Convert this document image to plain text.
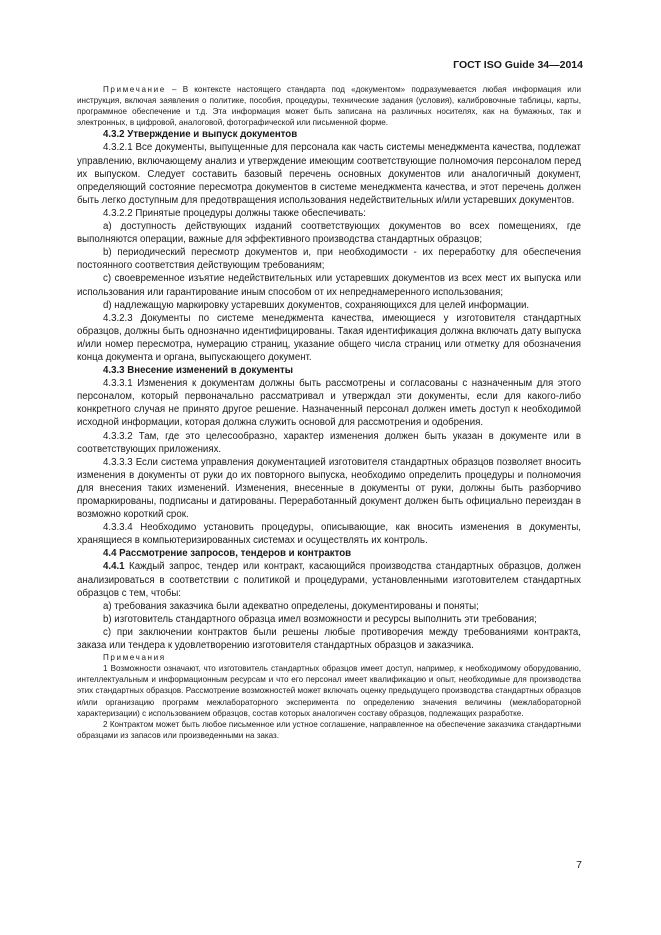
ГОСТ ISO Guide 34—2014

Примечание – В контексте настоящего стандарта под «документом» подразумевается любая информация или инструкция, включая заявления о политике, пособия, процедуры, технические задания (условия), калибровочные таблицы, карты, программное обеспечение и т.д. Эта информация может быть записана на различных носителях, как на бумажных, так и электронных, в цифровой, аналоговой, фотографической или письменной форме.

4.3.2 Утверждение и выпуск документов

4.3.2.1 Все документы, выпущенные для персонала как часть системы менеджмента качества, подлежат управлению, включающему анализ и утверждение имеющим соответствующие полномочия персоналом перед их выпуском. Следует составить базовый перечень основных документов или аналогичный документ, определяющий состояние пересмотра документов в системе менеджмента качества, и этот перечень должен быть легко доступным для предотвращения использования недействительных и/или устаревших документов.

4.3.2.2 Принятые процедуры должны также обеспечивать:

a) доступность действующих изданий соответствующих документов во всех помещениях, где выполняются операции, важные для эффективного производства стандартных образцов;

b) периодический пересмотр документов и, при необходимости - их переработку для обеспечения постоянного соответствия действующим требованиям;

c) своевременное изъятие недействительных или устаревших документов из всех мест их выпуска или использования или гарантирование иным способом от их непреднамеренного использования;

d) надлежащую маркировку устаревших документов, сохраняющихся для целей информации.

4.3.2.3 Документы по системе менеджмента качества, имеющиеся у изготовителя стандартных образцов, должны быть однозначно идентифицированы. Такая идентификация должна включать дату выпуска и/или номер пересмотра, нумерацию страниц, указание общего числа страниц или отметку для обозначения конца документа и органа, выпускающего документ.

4.3.3 Внесение изменений в документы

4.3.3.1 Изменения к документам должны быть рассмотрены и согласованы с назначенным для этого персоналом, который первоначально рассматривал и утверждал эти документы, если для какого-либо конкретного случая не принято другое решение. Назначенный персонал должен иметь доступ к необходимой исходной информации, которая должна служить основой для рассмотрения и одобрения.

4.3.3.2 Там, где это целесообразно, характер изменения должен быть указан в документе или в соответствующих приложениях.

4.3.3.3 Если система управления документацией изготовителя стандартных образцов позволяет вносить изменения в документы от руки до их повторного выпуска, необходимо определить процедуры и полномочия для внесения таких изменений. Изменения, внесенные в документы от руки, должны быть разборчиво промаркированы, подписаны и датированы. Переработанный документ должен быть официально переиздан в возможно короткий срок.

4.3.3.4 Необходимо установить процедуры, описывающие, как вносить изменения в документы, хранящиеся в компьютеризированных системах и осуществлять их контроль.

4.4 Рассмотрение запросов, тендеров и контрактов

4.4.1 Каждый запрос, тендер или контракт, касающийся производства стандартных образцов, должен анализироваться в соответствии с политикой и процедурами, установленными изготовителем стандартных образцов с тем, чтобы:

a) требования заказчика были адекватно определены, документированы и поняты;

b) изготовитель стандартного образца имел возможности и ресурсы выполнить эти требования;

c) при заключении контрактов были решены любые противоречия между требованиями контракта, заказа или тендера к удовлетворению изготовителя стандартных образцов и заказчика.

Примечания

1 Возможности означают, что изготовитель стандартных образцов имеет доступ, например, к необходимому оборудованию, интеллектуальным и информационным ресурсам и что его персонал имеет квалификацию и опыт, необходимые для производства этих стандартных образцов. Рассмотрение возможностей может включать оценку предыдущего производства стандартных образцов и/или организацию программ межлабораторного эксперимента по определению значения величины (межлабораторной характеризации) с использованием образцов, состав которых аналогичен составу образцов, подлежащих разработке.

2 Контрактом может быть любое письменное или устное соглашение, направленное на обеспечение заказчика стандартными образцами из запасов или произведенными на заказ.

7
